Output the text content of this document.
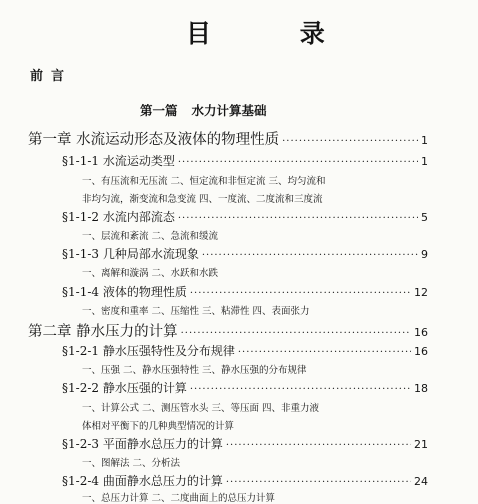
目 录
前言
第一篇 水力计算基础
第一章 水流运动形态及液体的物理性质 ·····	1
§1-1-1 水流运动类型 ·····	1
一、有压流和无压流 二、恒定流和非恒定流 三、均匀流和
非均匀流，渐变流和急变流 四、一度流、二度流和三度流
§1-1-2 水流内部流态 ·····	5
一、层流和紊流 二、急流和缓流
§1-1-3 几种局部水流现象 ·····	9
一、离解和漩涡 二、水跃和水跌
§1-1-4 液体的物理性质 ·····	12
一、密度和重率 二、压缩性 三、粘滞性 四、表面张力
第二章 静水压力的计算 ·····	16
§1-2-1 静水压强特性及分布规律 ·····	16
一、压强 二、静水压强特性 三、静水压强的分布规律
§1-2-2 静水压强的计算 ·····	18
一、计算公式 二、测压管水头 三、等压面 四、非重力液
体相对平衡下的几种典型情况的计算
§1-2-3 平面静水总压力的计算 ·····	21
一、图解法 二、分析法
§1-2-4 曲面静水总压力的计算 ·····	24
一、总压力计算 二、二度曲面上的总压力计算
